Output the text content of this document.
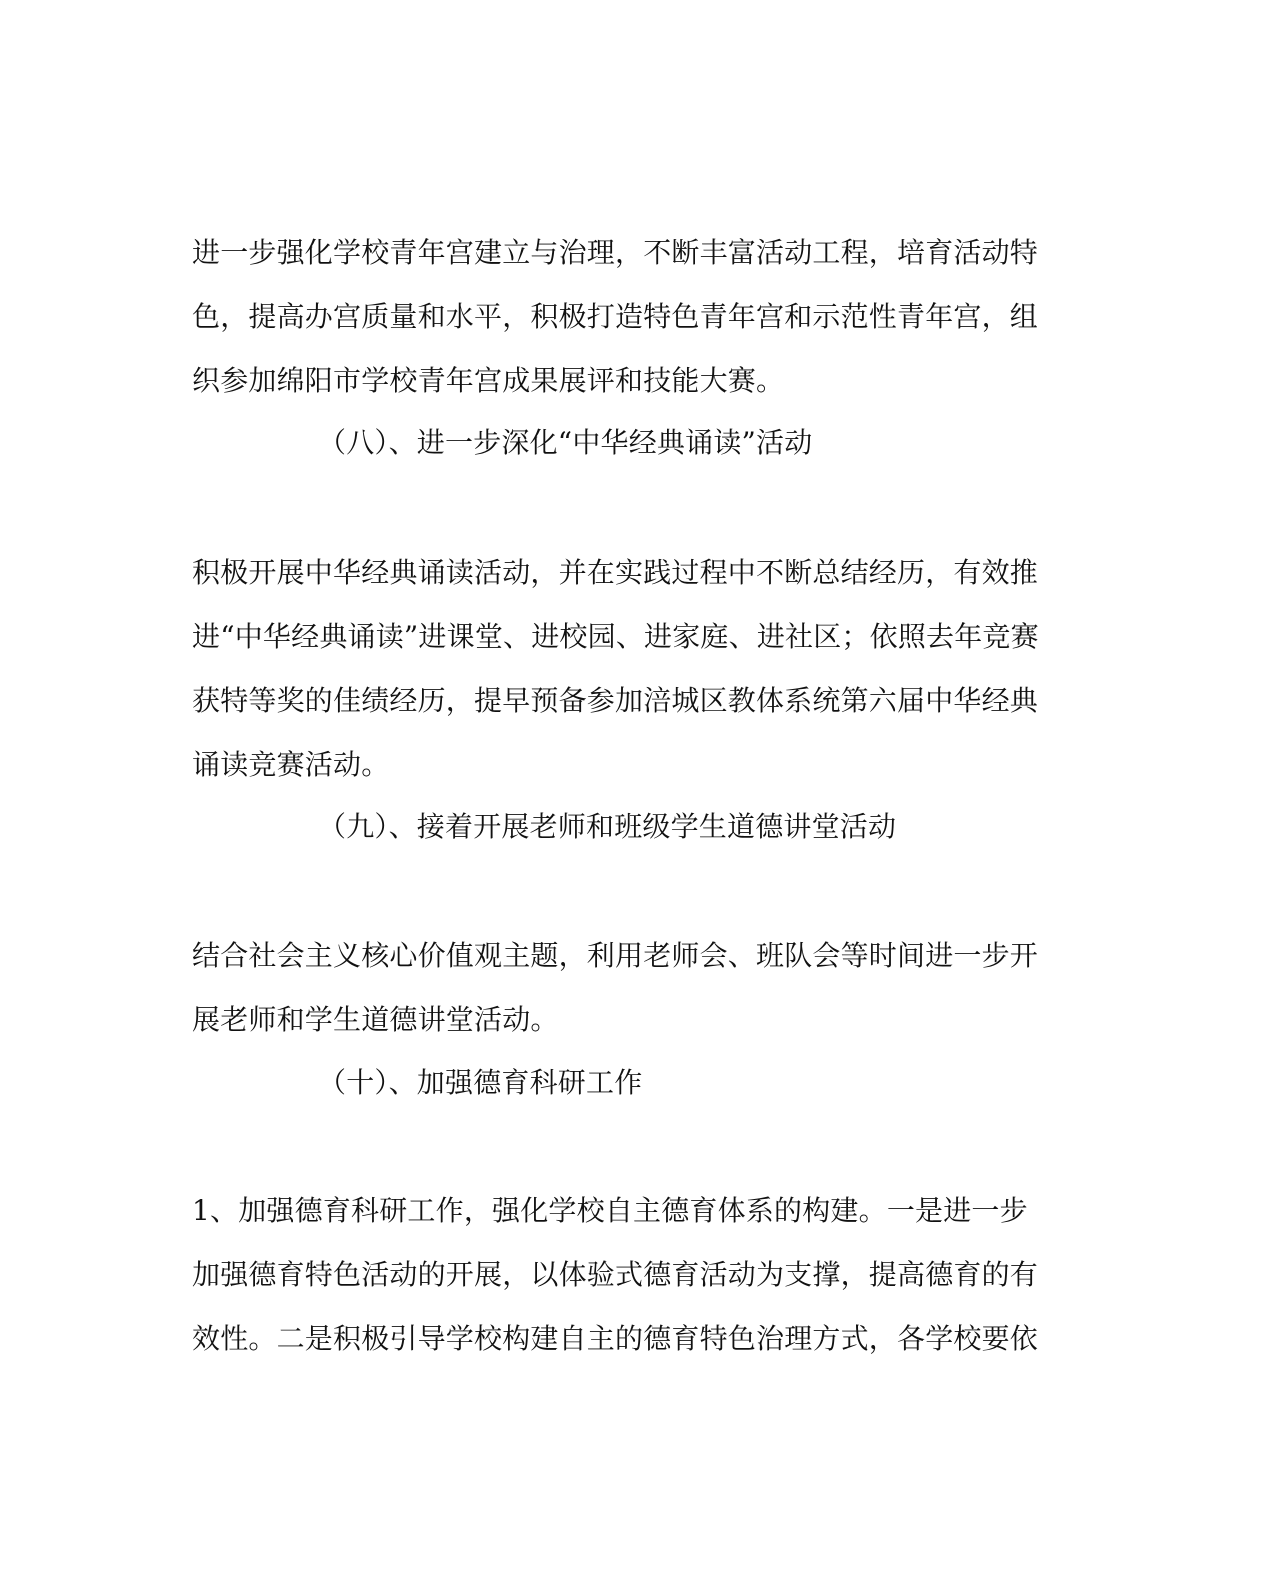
进一步强化学校青年宫建立与治理，不断丰富活动工程，培育活动特
色，提高办宫质量和水平，积极打造特色青年宫和示范性青年宫，组
织参加绵阳市学校青年宫成果展评和技能大赛。
（八）、进一步深化“中华经典诵读”活动
积极开展中华经典诵读活动，并在实践过程中不断总结经历，有效推
进“中华经典诵读”进课堂、进校园、进家庭、进社区；依照去年竞赛
获特等奖的佳绩经历，提早预备参加涪城区教体系统第六届中华经典
诵读竞赛活动。
（九）、接着开展老师和班级学生道德讲堂活动
结合社会主义核心价值观主题，利用老师会、班队会等时间进一步开
展老师和学生道德讲堂活动。
（十）、加强德育科研工作
1、加强德育科研工作，强化学校自主德育体系的构建。一是进一步
加强德育特色活动的开展，以体验式德育活动为支撑，提高德育的有
效性。二是积极引导学校构建自主的德育特色治理方式，各学校要依
